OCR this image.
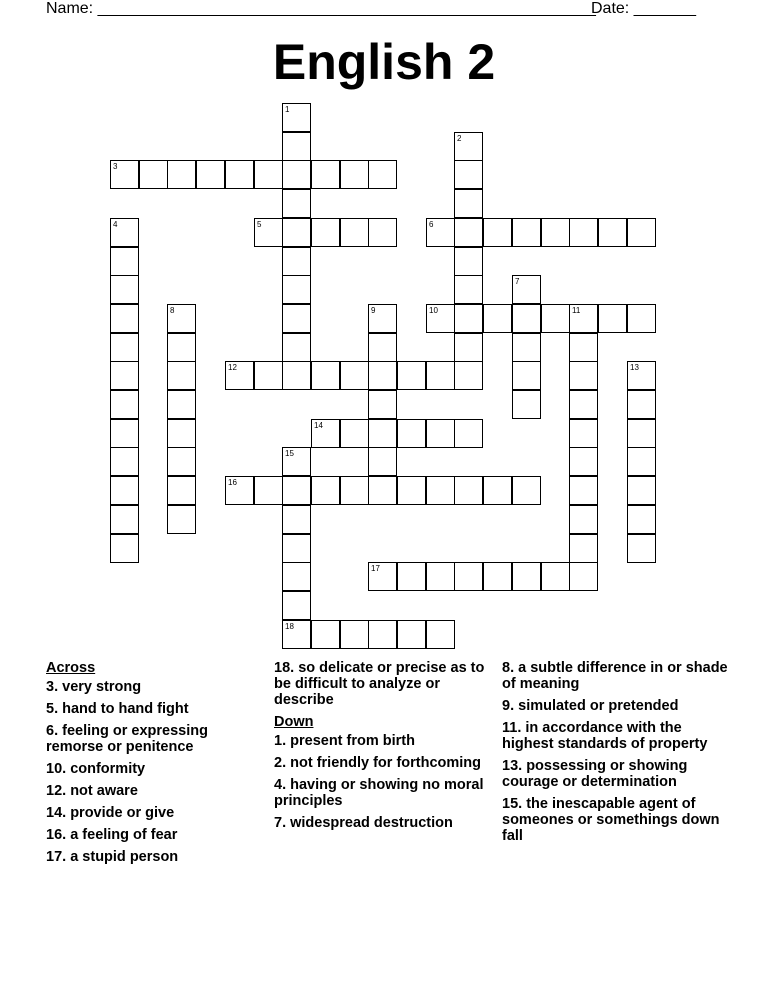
Name: ________________________________________________________
Date: _______
English 2
1
2
3
4	5	6
7
8	9	10	11
12	13
14
15
18
16
17
Across
3. very strong
5. hand to hand fight
6. feeling or expressing remorse or penitence
10. conformity
12. not aware
14. provide or give
16. a feeling of fear
17. a stupid person
18. so delicate or precise as to be difficult to analyze or describe
Down
1. present from birth
2. not friendly for forthcoming
4. having or showing no moral principles
7. widespread destruction
8. a subtle difference in or shade of meaning
9. simulated or pretended
11. in accordance with the highest standards of property
13. possessing or showing courage or determination
15. the inescapable agent of someones or somethings down fall
